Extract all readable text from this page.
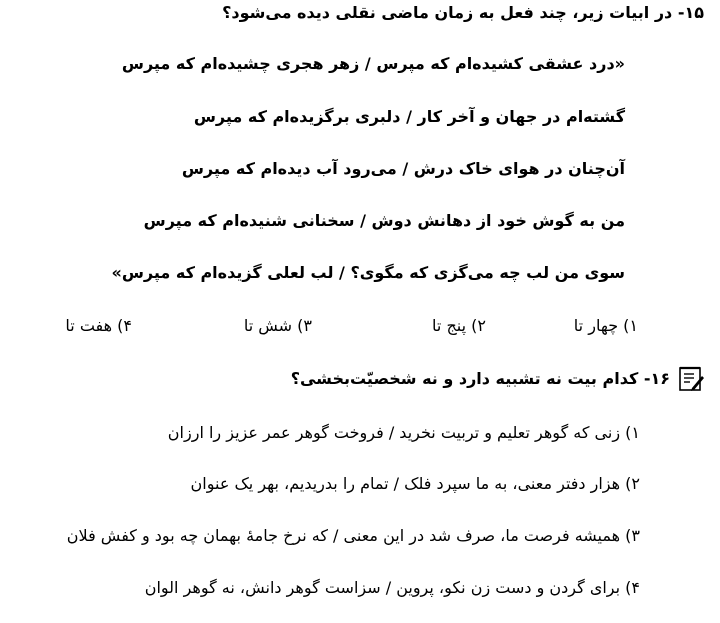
۱۵- در ابیات زیر، چند فعل به زمان ماضی نقلی دیده می‌شود؟
«درد عشقی کشیده‌ام که مپرس / زهر هجری چشیده‌ام که مپرس
گشته‌ام در جهان و آخر کار / دلبری برگزیده‌ام که مپرس
آن‌چنان در هوای خاک درش / می‌رود آب دیده‌ام که مپرس
من به گوش خود از دهانش دوش / سخنانی شنیده‌ام که مپرس
سوی من لب چه می‌گزی که مگوی؟ / لب لعلی گزیده‌ام که مپرس»
۱) چهار تا
۲) پنج تا
۳) شش تا
۴) هفت تا
۱۶- کدام بیت نه تشبیه دارد و نه شخصیّت‌بخشی؟
۱) زنی که گوهر تعلیم و تربیت نخرید / فروخت گوهر عمر عزیز را ارزان
۲) هزار دفتر معنی، به ما سپرد فلک / تمام را بدریدیم، بهر یک عنوان
۳) همیشه فرصت ما، صرف شد در این معنی / که نرخ جامهٔ بهمان چه بود و کفش فلان
۴) برای گردن و دست زن نکو، پروین / سزاست گوهر دانش، نه گوهر الوان
